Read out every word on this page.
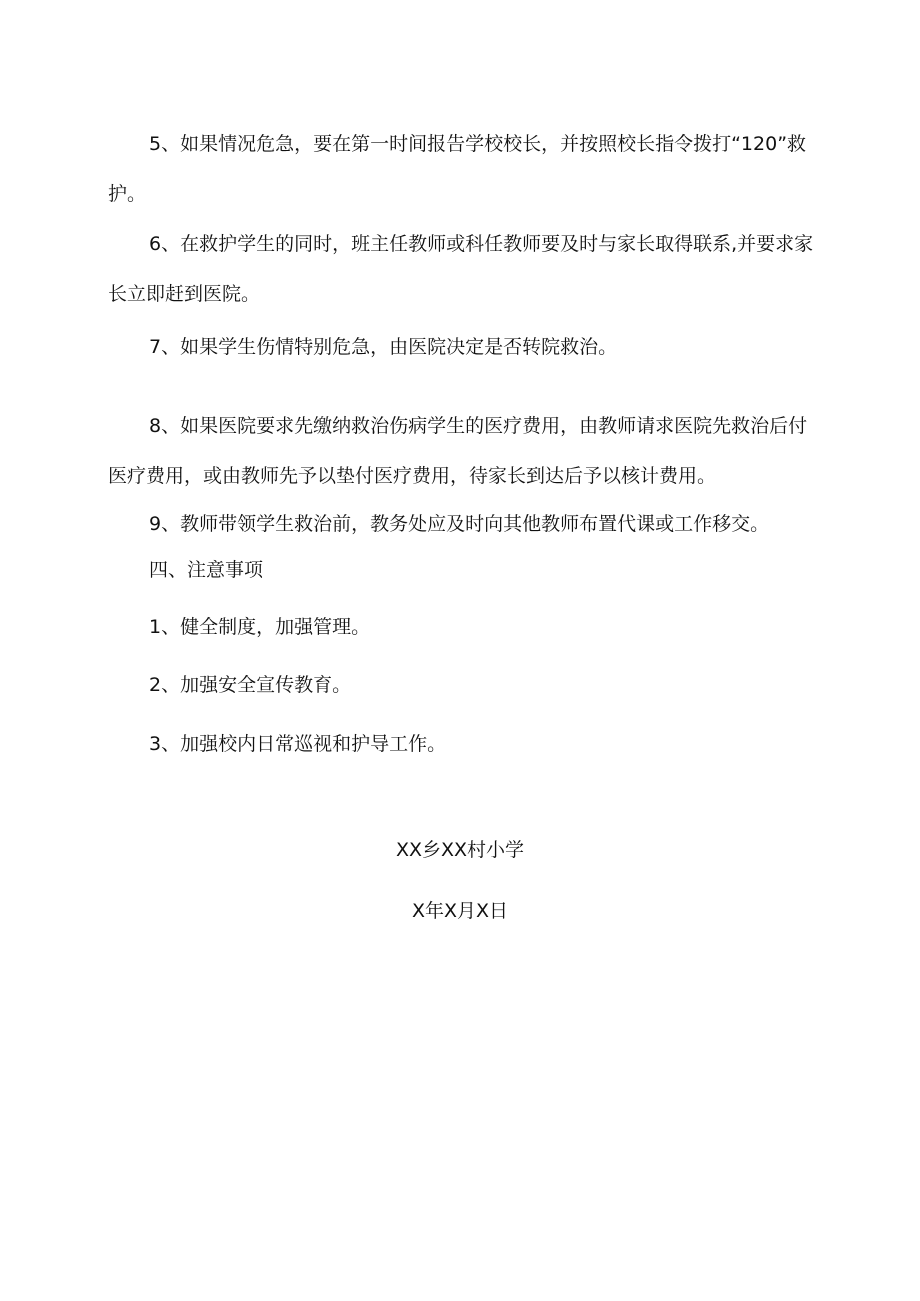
5、如果情况危急，要在第一时间报告学校校长，并按照校长指令拨打“120”救护。

6、在救护学生的同时，班主任教师或科任教师要及时与家长取得联系,并要求家长立即赶到医院。

7、如果学生伤情特别危急，由医院决定是否转院救治。

8、如果医院要求先缴纳救治伤病学生的医疗费用，由教师请求医院先救治后付医疗费用，或由教师先予以垫付医疗费用，待家长到达后予以核计费用。

9、教师带领学生救治前，教务处应及时向其他教师布置代课或工作移交。

四、注意事项

1、健全制度，加强管理。

2、加强安全宣传教育。

3、加强校内日常巡视和护导工作。

XX乡XX村小学

X年X月X日
